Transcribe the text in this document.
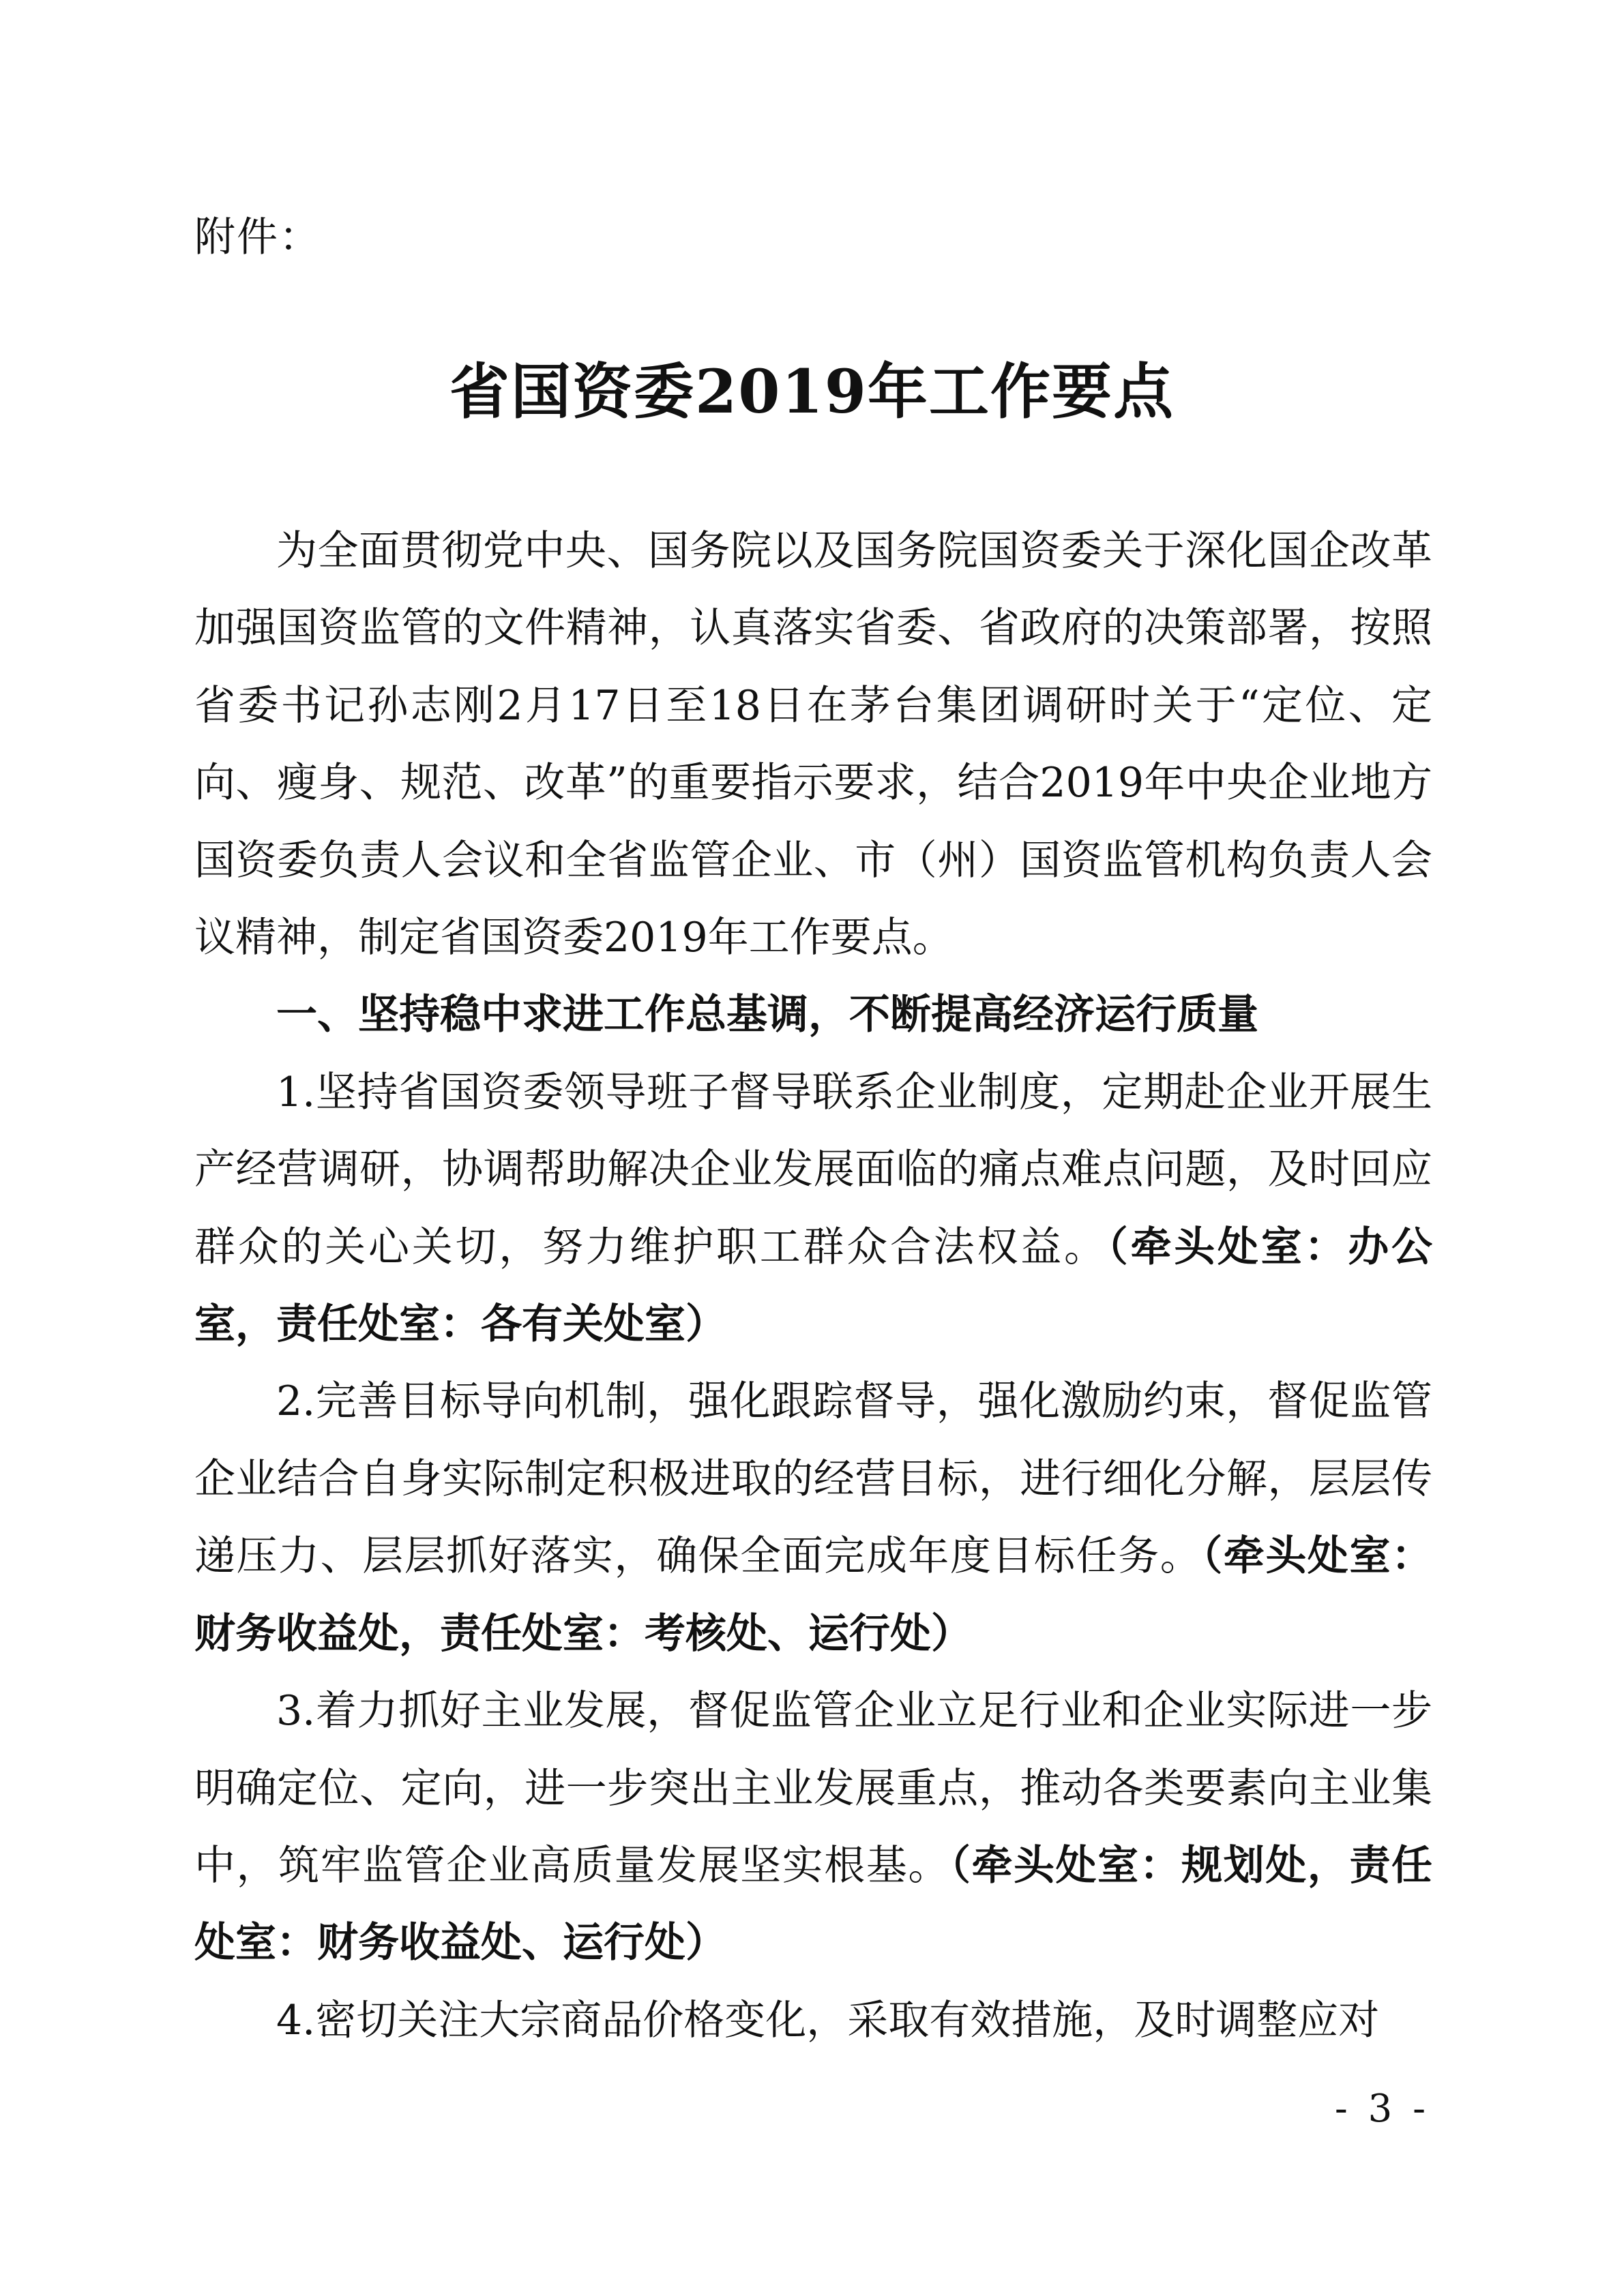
附件：
省国资委2019年工作要点

为全面贯彻党中央、国务院以及国务院国资委关于深化国企改革加强国资监管的文件精神，认真落实省委、省政府的决策部署，按照省委书记孙志刚2月17日至18日在茅台集团调研时关于“定位、定向、瘦身、规范、改革”的重要指示要求，结合2019年中央企业地方国资委负责人会议和全省监管企业、市（州）国资监管机构负责人会议精神，制定省国资委2019年工作要点。

一、坚持稳中求进工作总基调，不断提高经济运行质量

1.坚持省国资委领导班子督导联系企业制度，定期赴企业开展生产经营调研，协调帮助解决企业发展面临的痛点难点问题，及时回应群众的关心关切，努力维护职工群众合法权益。（牵头处室：办公室，责任处室：各有关处室）

2.完善目标导向机制，强化跟踪督导，强化激励约束，督促监管企业结合自身实际制定积极进取的经营目标，进行细化分解，层层传递压力、层层抓好落实，确保全面完成年度目标任务。（牵头处室：财务收益处，责任处室：考核处、运行处）

3.着力抓好主业发展，督促监管企业立足行业和企业实际进一步明确定位、定向，进一步突出主业发展重点，推动各类要素向主业集中，筑牢监管企业高质量发展坚实根基。（牵头处室：规划处，责任处室：财务收益处、运行处）

4.密切关注大宗商品价格变化，采取有效措施，及时调整应对

- 3 -
